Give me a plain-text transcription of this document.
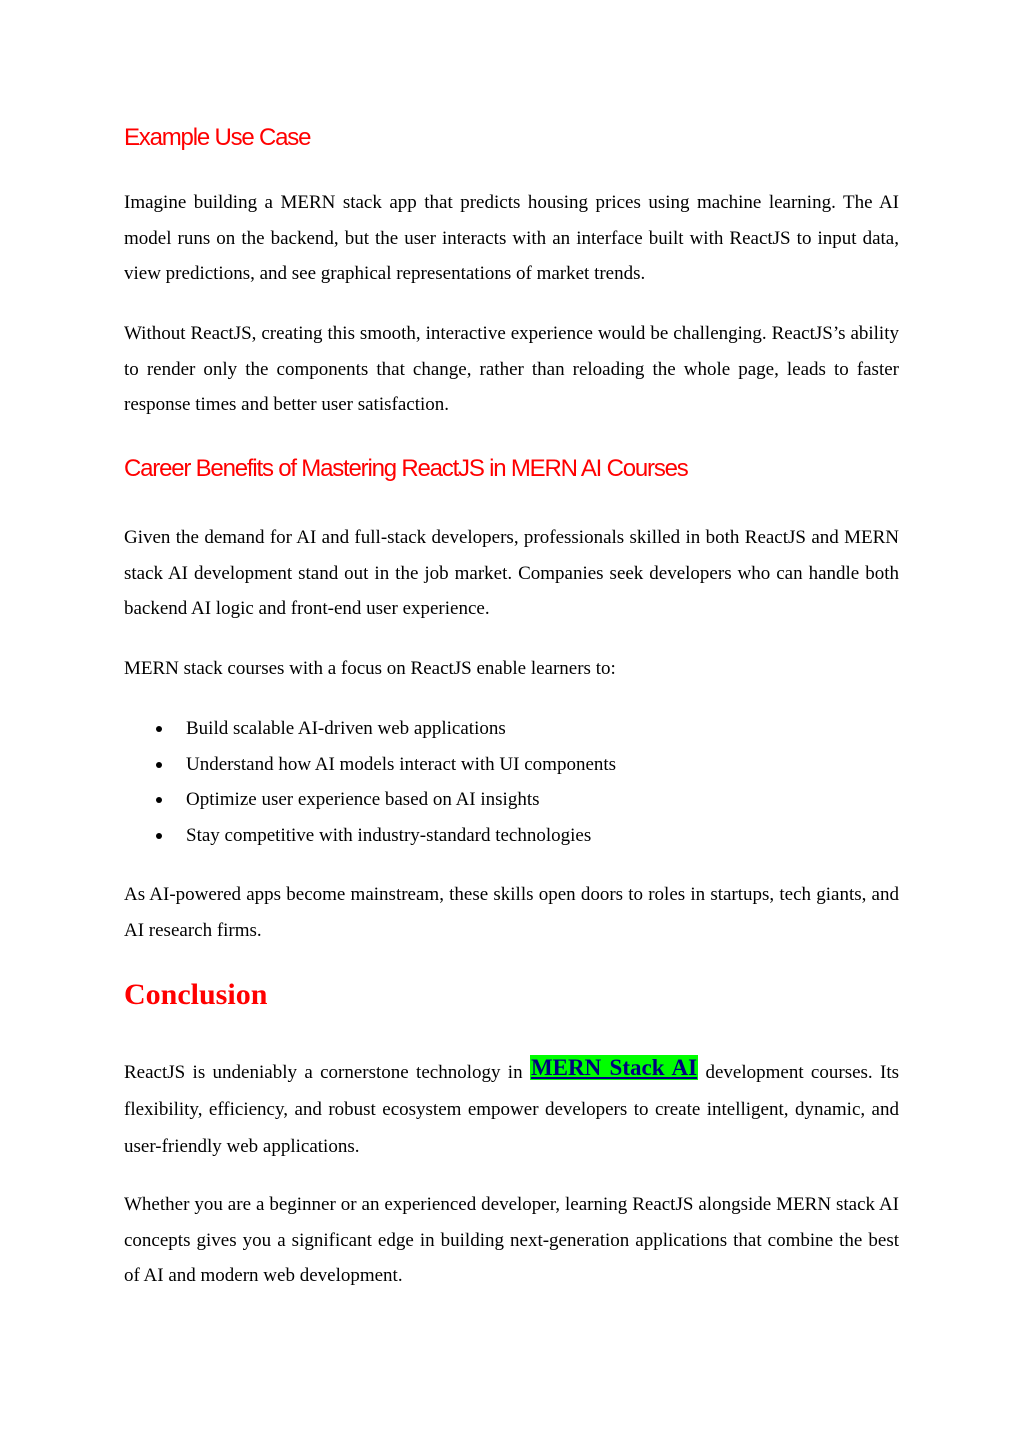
Example Use Case

Imagine building a MERN stack app that predicts housing prices using machine learning. The AI model runs on the backend, but the user interacts with an interface built with ReactJS to input data, view predictions, and see graphical representations of market trends.

Without ReactJS, creating this smooth, interactive experience would be challenging. ReactJS’s ability to render only the components that change, rather than reloading the whole page, leads to faster response times and better user satisfaction.

Career Benefits of Mastering ReactJS in MERN AI Courses

Given the demand for AI and full-stack developers, professionals skilled in both ReactJS and MERN stack AI development stand out in the job market. Companies seek developers who can handle both backend AI logic and front-end user experience.

MERN stack courses with a focus on ReactJS enable learners to:

Build scalable AI-driven web applications
Understand how AI models interact with UI components
Optimize user experience based on AI insights
Stay competitive with industry-standard technologies

As AI-powered apps become mainstream, these skills open doors to roles in startups, tech giants, and AI research firms.

Conclusion

ReactJS is undeniably a cornerstone technology in MERN Stack AI development courses. Its flexibility, efficiency, and robust ecosystem empower developers to create intelligent, dynamic, and user-friendly web applications.

Whether you are a beginner or an experienced developer, learning ReactJS alongside MERN stack AI concepts gives you a significant edge in building next-generation applications that combine the best of AI and modern web development.
